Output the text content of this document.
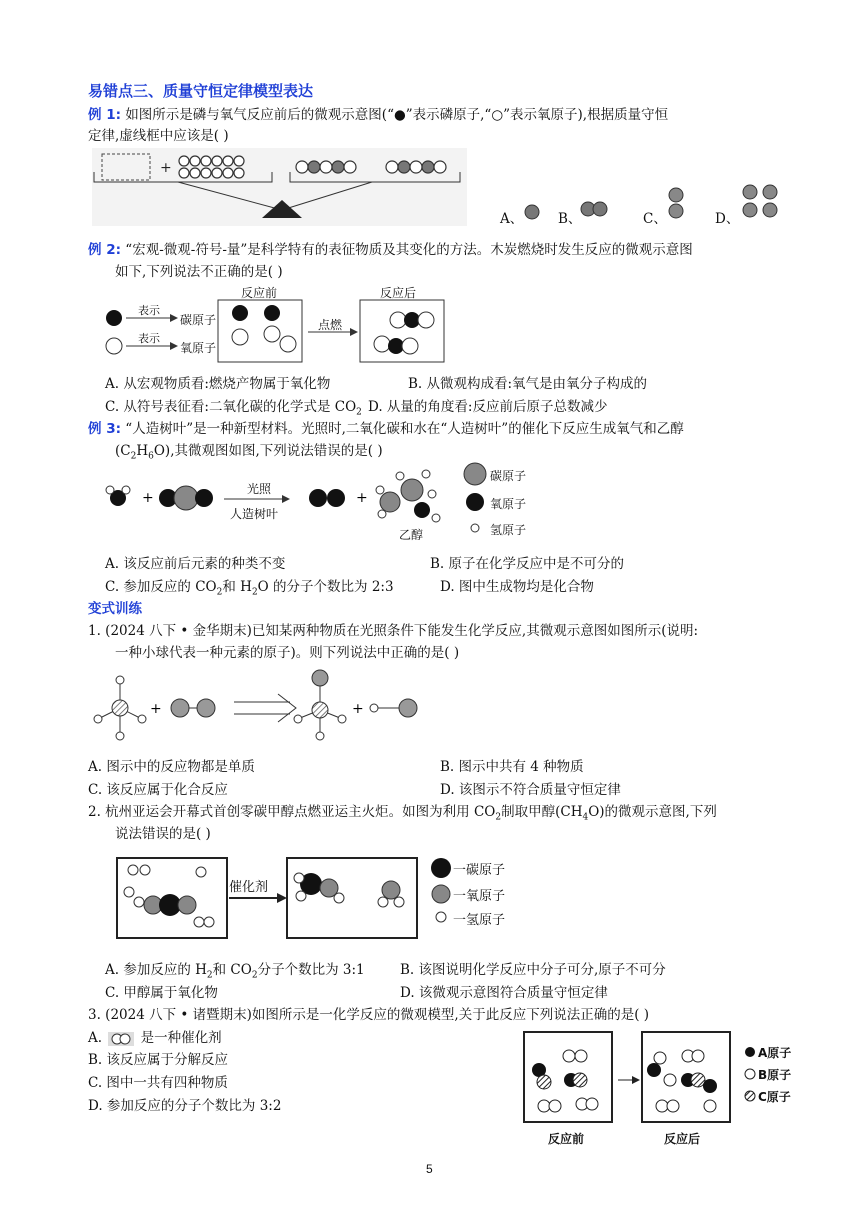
易错点三、质量守恒定律模型表达
例 1: 如图所示是磷与氧气反应前后的微观示意图(“●”表示磷原子,“○”表示氧原子),根据质量守恒
定律,虚线框中应该是( )
+
A、	B、	C、	D、
例 2: “宏观-微观-符号-量”是科学特有的表征物质及其变化的方法。木炭燃烧时发生反应的微观示意图
如下,下列说法不正确的是( )
表示
表示
碳原子
氧原子
反应前	反应后
点燃
A. 从宏观物质看:燃烧产物属于氧化物	B. 从微观构成看:氧气是由氧分子构成的
C. 从符号表征看:二氧化碳的化学式是 $CO_2$ D. 从量的角度看:反应前后原子总数减少
例 3: “人造树叶”是一种新型材料。光照时,二氧化碳和水在“人造树叶”的催化下反应生成氧气和乙醇
$(C_2H_6O)$,其微观图如图,下列说法错误的是( )
+	+
光照
人造树叶
乙醇
碳原子
氧原子
氢原子
A. 该反应前后元素的种类不变	B. 原子在化学反应中是不可分的
C. 参加反应的 $CO_2$和 $H_2O$ 的分子个数比为 2:3	D. 图中生成物均是化合物
变式训练
1. (2024 八下 • 金华期末)已知某两种物质在光照条件下能发生化学反应,其微观示意图如图所示(说明:
一种小球代表一种元素的原子)。则下列说法中正确的是( )
+	+
A. 图示中的反应物都是单质	B. 图示中共有 4 种物质
C. 该反应属于化合反应	D. 该图示不符合质量守恒定律
2. 杭州亚运会开幕式首创零碳甲醇点燃亚运主火炬。如图为利用 $CO_2$制取甲醇$(CH_4O)$的微观示意图,下列
说法错误的是( )
催化剂
一碳原子
一氧原子
一氢原子
A. 参加反应的 $H_2$和 $CO_2$分子个数比为 3:1	B. 该图说明化学反应中分子可分,原子不可分
C. 甲醇属于氧化物	D. 该微观示意图符合质量守恒定律
3. (2024 八下 • 诸暨期末)如图所示是一化学反应的微观模型,关于此反应下列说法正确的是( )
A.	是一种催化剂
B. 该反应属于分解反应
C. 图中一共有四种物质
D. 参加反应的分子个数比为 3:2
反应前	反应后
A原子
B原子
C原子
5
